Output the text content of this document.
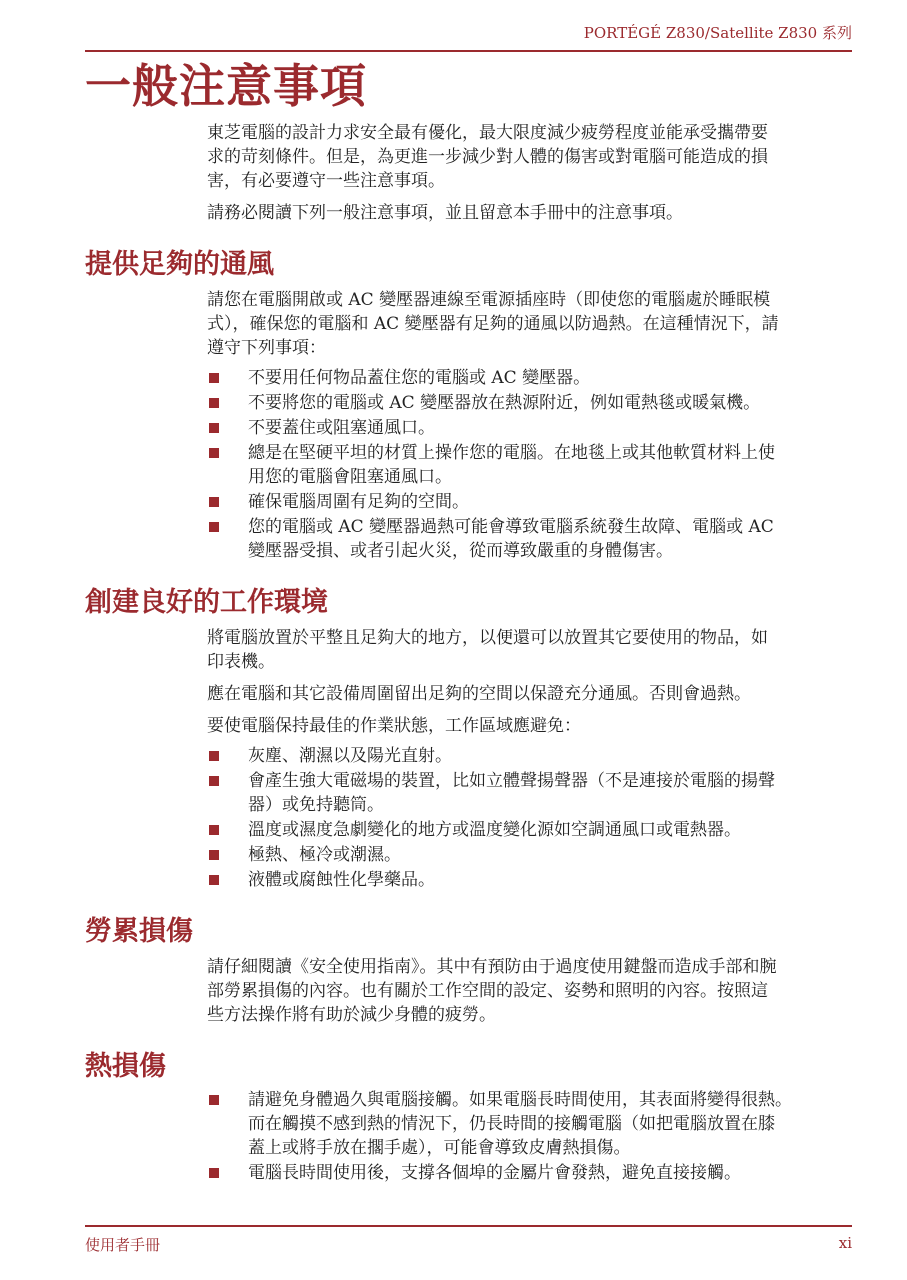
PORTÉGÉ Z830/Satellite Z830 系列
一般注意事項
東芝電腦的設計力求安全最有優化，最大限度減少疲勞程度並能承受攜帶要
求的苛刻條件。但是，為更進一步減少對人體的傷害或對電腦可能造成的損
害，有必要遵守一些注意事項。
請務必閱讀下列一般注意事項，並且留意本手冊中的注意事項。
提供足夠的通風
請您在電腦開啟或 AC 變壓器連線至電源插座時（即使您的電腦處於睡眠模
式），確保您的電腦和 AC 變壓器有足夠的通風以防過熱。在這種情況下，請
遵守下列事項：
不要用任何物品蓋住您的電腦或 AC 變壓器。
不要將您的電腦或 AC 變壓器放在熱源附近，例如電熱毯或暖氣機。
不要蓋住或阻塞通風口。
總是在堅硬平坦的材質上操作您的電腦。在地毯上或其他軟質材料上使
用您的電腦會阻塞通風口。
確保電腦周圍有足夠的空間。
您的電腦或 AC 變壓器過熱可能會導致電腦系統發生故障、電腦或 AC
變壓器受損、或者引起火災，從而導致嚴重的身體傷害。
創建良好的工作環境
將電腦放置於平整且足夠大的地方，以便還可以放置其它要使用的物品，如
印表機。
應在電腦和其它設備周圍留出足夠的空間以保證充分通風。否則會過熱。
要使電腦保持最佳的作業狀態，工作區域應避免：
灰塵、潮濕以及陽光直射。
會產生強大電磁場的裝置，比如立體聲揚聲器（不是連接於電腦的揚聲
器）或免持聽筒。
溫度或濕度急劇變化的地方或溫度變化源如空調通風口或電熱器。
極熱、極冷或潮濕。
液體或腐蝕性化學藥品。
勞累損傷
請仔細閱讀《安全使用指南》。其中有預防由于過度使用鍵盤而造成手部和腕
部勞累損傷的內容。也有關於工作空間的設定、姿勢和照明的內容。按照這
些方法操作將有助於減少身體的疲勞。
熱損傷
請避免身體過久與電腦接觸。如果電腦長時間使用，其表面將變得很熱。
而在觸摸不感到熱的情況下，仍長時間的接觸電腦（如把電腦放置在膝
蓋上或將手放在擱手處），可能會導致皮膚熱損傷。
電腦長時間使用後，支撐各個埠的金屬片會發熱，避免直接接觸。
使用者手冊	xi
